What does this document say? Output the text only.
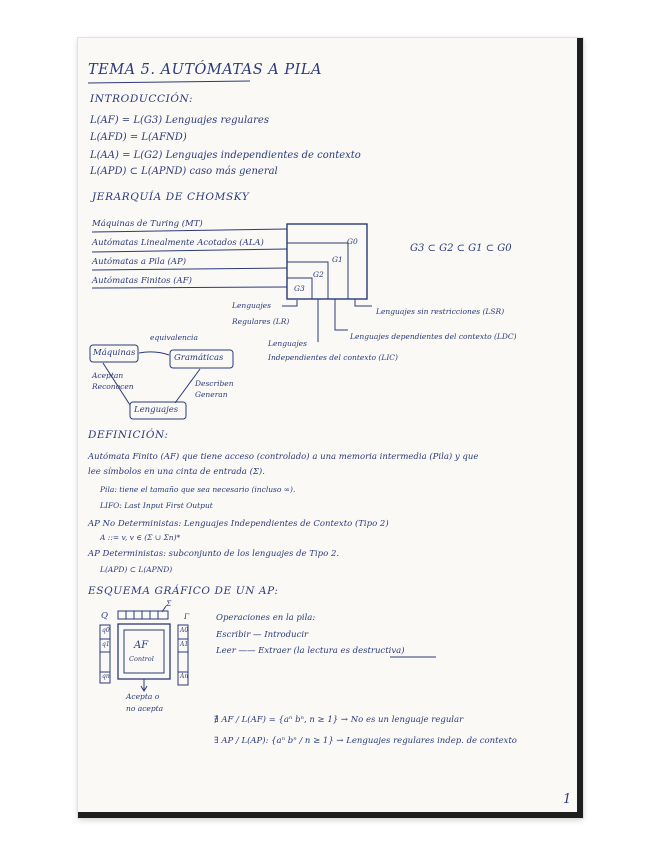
TEMA 5. AUTÓMATAS A PILA
INTRODUCCIÓN:
L(AF) = L(G3) Lenguajes regulares
L(AFD) = L(AFND)
L(AA) = L(G2) Lenguajes independientes de contexto
L(APD) ⊂ L(APND) caso más general
JERARQUÍA DE CHOMSKY
Máquinas de Turing (MT)
Autómatas Linealmente Acotados (ALA)
Autómatas a Pila (AP)
Autómatas Finitos (AF)
G0
G1
G2
G3
G3 ⊂ G2 ⊂ G1 ⊂ G0
Lenguajes
Regulares (LR)
Lenguajes sin restricciones (LSR)
Lenguajes dependientes del contexto (LDC)
Lenguajes
Independientes del contexto (LIC)
Máquinas	Gramáticas
Lenguajes
equivalencia
Aceptan
Reconocen	Describen
Generan
DEFINICIÓN:
Autómata Finito (AF) que tiene acceso (controlado) a una memoria intermedia (Pila) y que
lee símbolos en una cinta de entrada (Σ).
Pila: tiene el tamaño que sea necesario (incluso ∞).
LIFO: Last Input First Output
AP No Deterministas: Lenguajes Independientes de Contexto (Tipo 2)
A ::= v, v ∈ (Σ ∪ Σn)*
AP Deterministas: subconjunto de los lenguajes de Tipo 2.
L(APD) ⊂ L(APND)
ESQUEMA GRÁFICO DE UN AP:
Q
Σ
Γ
q0
q1
qn
A0
A1
An
AF
Control
Acepta o
no acepta
Operaciones en la pila:
Escribir — Introducir
Leer —— Extraer (la lectura es destructiva)
∄ AF / L(AF) = {aⁿ bⁿ, n ≥ 1} → No es un lenguaje regular
∃ AP / L(AP): {aⁿ bⁿ / n ≥ 1} → Lenguajes regulares indep. de contexto
1
